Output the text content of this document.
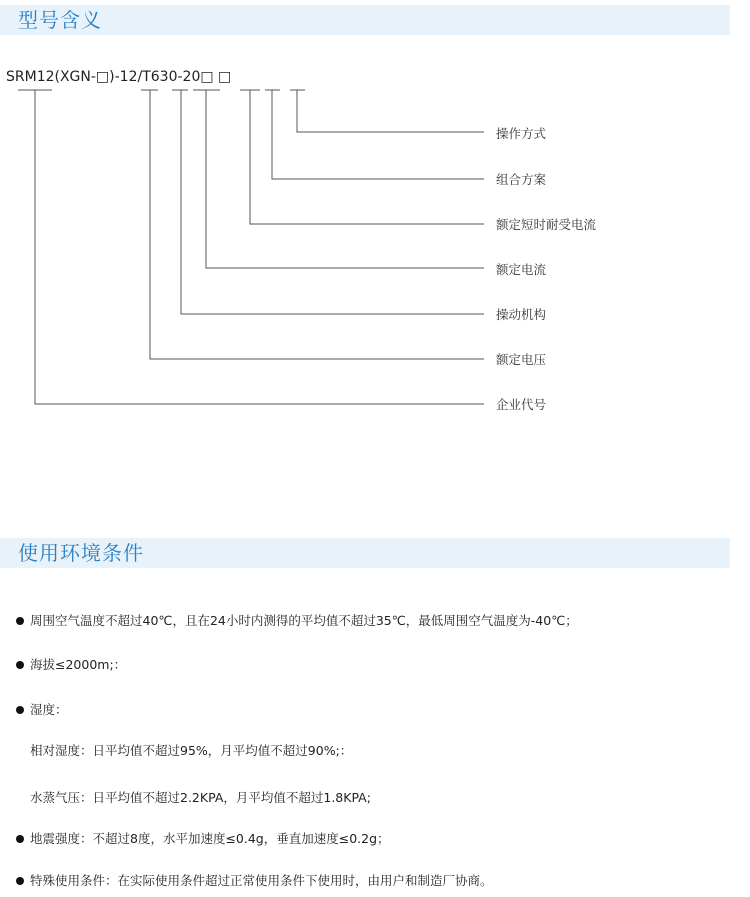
型号含义
SRM12(XGN-□)-12/T630-20□ □
操作方式
组合方案
额定短时耐受电流
额定电流
操动机构
额定电压
企业代号
使用环境条件
周围空气温度不超过40℃，且在24小时内测得的平均值不超过35℃，最低周围空气温度为-40℃；
海拔≤2000m;：
湿度：
相对湿度：日平均值不超过95%，月平均值不超过90%;：
水蒸气压：日平均值不超过2.2KPA，月平均值不超过1.8KPA;
地震强度：不超过8度，水平加速度≤0.4g，垂直加速度≤0.2g；
特殊使用条件：在实际使用条件超过正常使用条件下使用时，由用户和制造厂协商。
